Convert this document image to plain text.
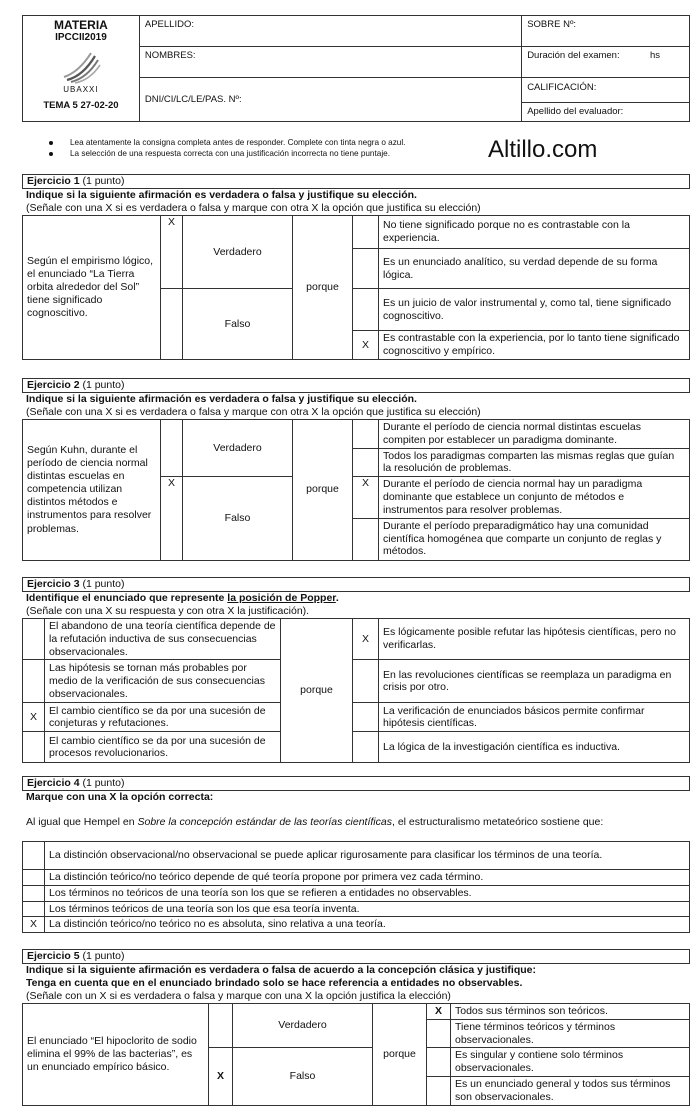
MATERIA
IPCCII2019
UBAXXI
TEMA 5 27-02-20	APELLIDO:	SOBRE Nº:
	NOMBRES:	Duración del examen: hs

	DNI/CI/LC/LE/PAS. Nº:	CALIFICACIÓN:
Apellido del evaluador:
Lea atentamente la consigna completa antes de responder. Complete con tinta negra o azul.
La selección de una respuesta correcta con una justificación incorrecta no tiene puntaje.	Altillo.com
Ejercicio 1 (1 punto)
Indique si la siguiente afirmación es verdadera o falsa y justifique su elección.
(Señale con una X si es verdadera o falsa y marque con otra X la opción que justifica su elección)
Según el empirismo lógico, el enunciado “La Tierra orbita alrededor del Sol” tiene significado cognoscitivo.	X	Verdadero	porque		No tiene significado porque no es contrastable con la experiencia.
					Es un enunciado analítico, su verdad depende de su forma lógica.
		Falso			Es un juicio de valor instrumental y, como tal, tiene significado cognoscitivo.
				X	Es contrastable con la experiencia, por lo tanto tiene significado cognoscitivo y empírico.
Ejercicio 2 (1 punto)
Indique si la siguiente afirmación es verdadera o falsa y justifique su elección.
(Señale con una X si es verdadera o falsa y marque con otra X la opción que justifica su elección)
Según Kuhn, durante el período de ciencia normal distintas escuelas en competencia utilizan distintos métodos e instrumentos para resolver problemas.		Verdadero	porque		Durante el período de ciencia normal distintas escuelas compiten por establecer un paradigma dominante.
					Todos los paradigmas comparten las mismas reglas que guían la resolución de problemas.
	X	Falso		X	Durante el período de ciencia normal hay un paradigma dominante que establece un conjunto de métodos e instrumentos para resolver problemas.
					Durante el período preparadigmático hay una comunidad científica homogénea que comparte un conjunto de reglas y métodos.
Ejercicio 3 (1 punto)
Identifique el enunciado que represente la posición de Popper.
(Señale con una X su respuesta y con otra X la justificación).
	El abandono de una teoría científica depende de la refutación inductiva de sus consecuencias observacionales.	porque	X	Es lógicamente posible refutar las hipótesis científicas, pero no verificarlas.
	Las hipótesis se tornan más probables por medio de la verificación de sus consecuencias observacionales.			En las revoluciones científicas se reemplaza un paradigma en crisis por otro.
X	El cambio científico se da por una sucesión de conjeturas y refutaciones.			La verificación de enunciados básicos permite confirmar hipótesis científicas.
	El cambio científico se da por una sucesión de procesos revolucionarios.			La lógica de la investigación científica es inductiva.
Ejercicio 4 (1 punto)
Marque con una X la opción correcta:
Al igual que Hempel en Sobre la concepción estándar de las teorías científicas, el estructuralismo metateórico sostiene que:
	La distinción observacional/no observacional se puede aplicar rigurosamente para clasificar los términos de una teoría.
	La distinción teórico/no teórico depende de qué teoría propone por primera vez cada término.
	Los términos no teóricos de una teoría son los que se refieren a entidades no observables.
	Los términos teóricos de una teoría son los que esa teoría inventa.
X	La distinción teórico/no teórico no es absoluta, sino relativa a una teoría.
Ejercicio 5 (1 punto)
Indique si la siguiente afirmación es verdadera o falsa de acuerdo a la concepción clásica y justifique:
Tenga en cuenta que en el enunciado brindado solo se hace referencia a entidades no observables.
(Señale con un X si es verdadera o falsa y marque con una X la opción justifica la elección)
El enunciado “El hipoclorito de sodio elimina el 99% de las bacterias”, es un enunciado empírico básico.		Verdadero	porque	X	Todos sus términos son teóricos.
					Tiene términos teóricos y términos observacionales.
	X	Falso			Es singular y contiene solo términos observacionales.
					Es un enunciado general y todos sus términos son observacionales.
